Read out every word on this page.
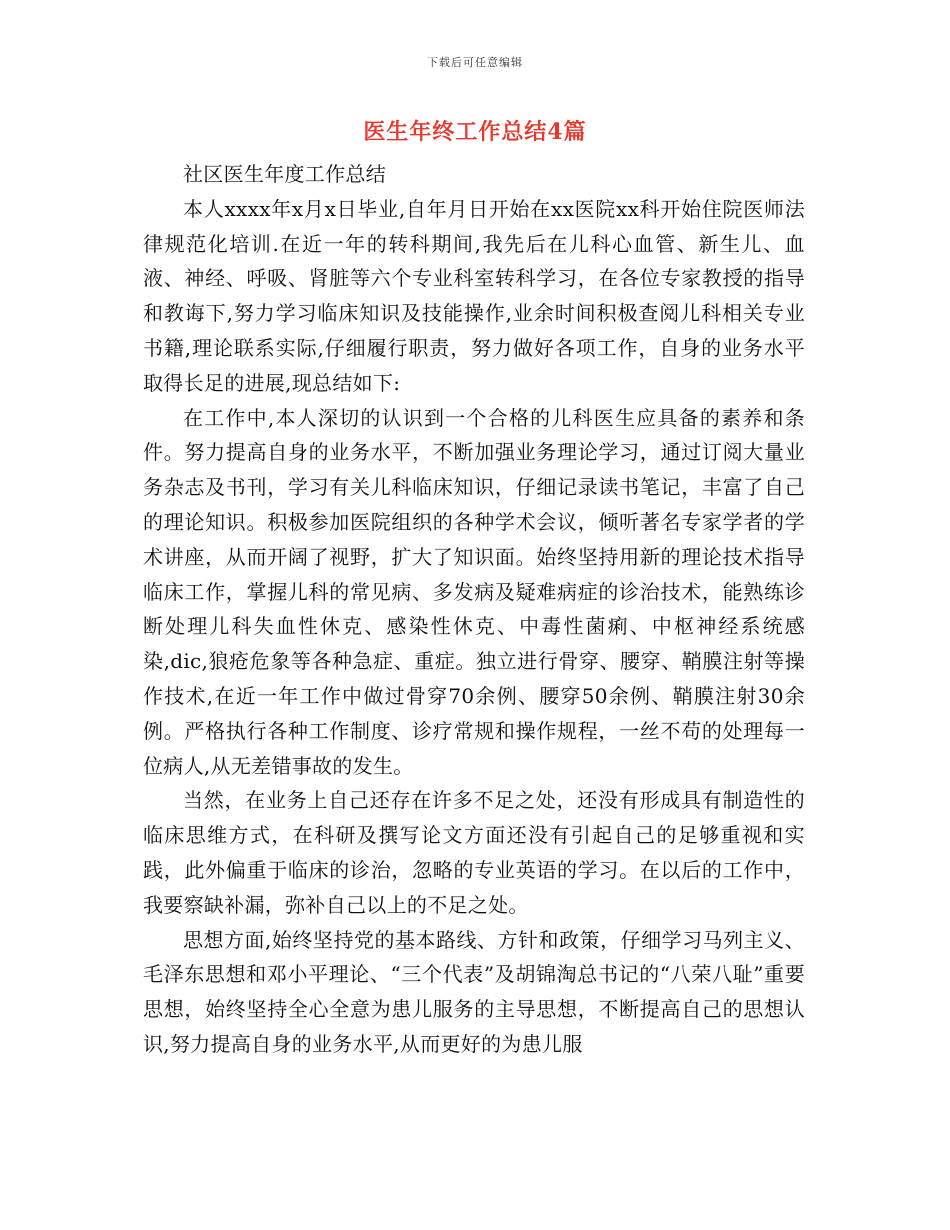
下载后可任意编辑
医生年终工作总结4篇

社区医生年度工作总结

本人xxxx年x月x日毕业,自年月日开始在xx医院xx科开始住院医师法律规范化培训.在近一年的转科期间,我先后在儿科心血管、新生儿、血液、神经、呼吸、肾脏等六个专业科室转科学习，在各位专家教授的指导和教诲下,努力学习临床知识及技能操作,业余时间积极查阅儿科相关专业书籍,理论联系实际,仔细履行职责，努力做好各项工作，自身的业务水平取得长足的进展,现总结如下:

在工作中,本人深切的认识到一个合格的儿科医生应具备的素养和条件。努力提高自身的业务水平，不断加强业务理论学习，通过订阅大量业务杂志及书刊，学习有关儿科临床知识，仔细记录读书笔记，丰富了自己的理论知识。积极参加医院组织的各种学术会议，倾听著名专家学者的学术讲座，从而开阔了视野，扩大了知识面。始终坚持用新的理论技术指导临床工作，掌握儿科的常见病、多发病及疑难病症的诊治技术，能熟练诊断处理儿科失血性休克、感染性休克、中毒性菌痢、中枢神经系统感染,dic,狼疮危象等各种急症、重症。独立进行骨穿、腰穿、鞘膜注射等操作技术,在近一年工作中做过骨穿70余例、腰穿50余例、鞘膜注射30余例。严格执行各种工作制度、诊疗常规和操作规程，一丝不苟的处理每一位病人,从无差错事故的发生。

当然，在业务上自己还存在许多不足之处，还没有形成具有制造性的临床思维方式，在科研及撰写论文方面还没有引起自己的足够重视和实践，此外偏重于临床的诊治，忽略的专业英语的学习。在以后的工作中，我要察缺补漏，弥补自己以上的不足之处。

思想方面,始终坚持党的基本路线、方针和政策，仔细学习马列主义、毛泽东思想和邓小平理论、“三个代表”及胡锦淘总书记的“八荣八耻”重要思想，始终坚持全心全意为患儿服务的主导思想，不断提高自己的思想认识,努力提高自身的业务水平,从而更好的为患儿服
